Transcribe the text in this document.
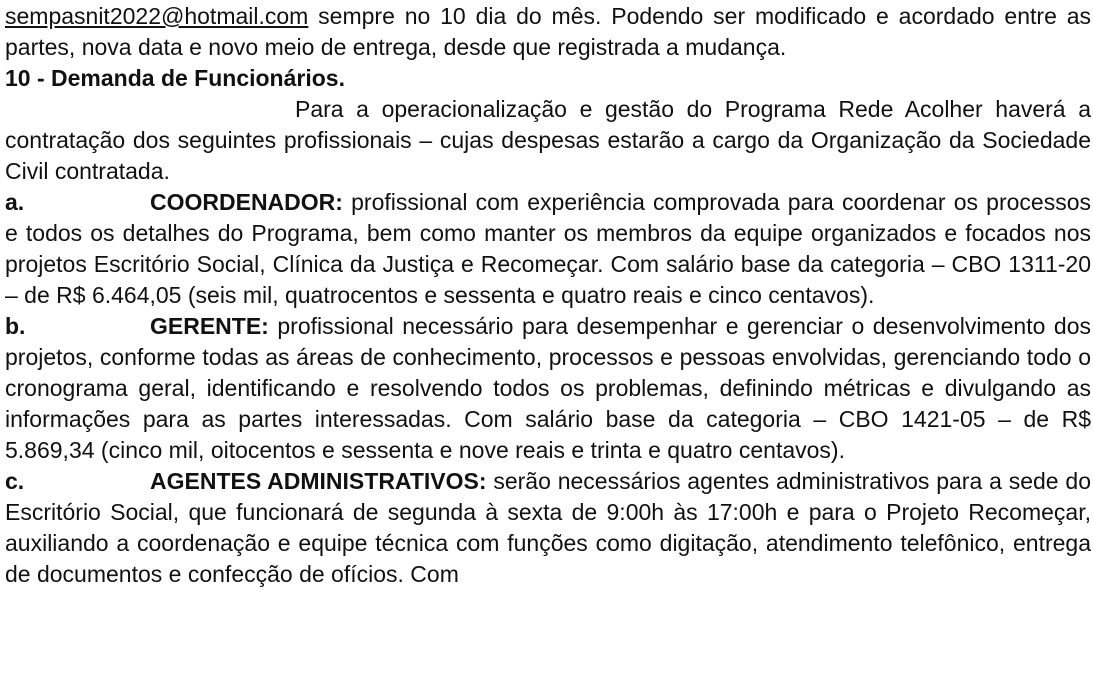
sempasnit2022@hotmail.com sempre no 10 dia do mês. Podendo ser modificado e acordado entre as partes, nova data e novo meio de entrega, desde que registrada a mudança.

10 - Demanda de Funcionários.

Para a operacionalização e gestão do Programa Rede Acolher haverá a contratação dos seguintes profissionais – cujas despesas estarão a cargo da Organização da Sociedade Civil contratada.

a.	COORDENADOR: profissional com experiência comprovada para coordenar os processos e todos os detalhes do Programa, bem como manter os membros da equipe organizados e focados nos projetos Escritório Social, Clínica da Justiça e Recomeçar. Com salário base da categoria – CBO 1311-20 – de R$ 6.464,05 (seis mil, quatrocentos e sessenta e quatro reais e cinco centavos).

b.	GERENTE: profissional necessário para desempenhar e gerenciar o desenvolvimento dos projetos, conforme todas as áreas de conhecimento, processos e pessoas envolvidas, gerenciando todo o cronograma geral, identificando e resolvendo todos os problemas, definindo métricas e divulgando as informações para as partes interessadas. Com salário base da categoria – CBO 1421-05 – de R$ 5.869,34 (cinco mil, oitocentos e sessenta e nove reais e trinta e quatro centavos).

c.	AGENTES ADMINISTRATIVOS: serão necessários agentes administrativos para a sede do Escritório Social, que funcionará de segunda à sexta de 9:00h às 17:00h e para o Projeto Recomeçar, auxiliando a coordenação e equipe técnica com funções como digitação, atendimento telefônico, entrega de documentos e confecção de ofícios. Com
